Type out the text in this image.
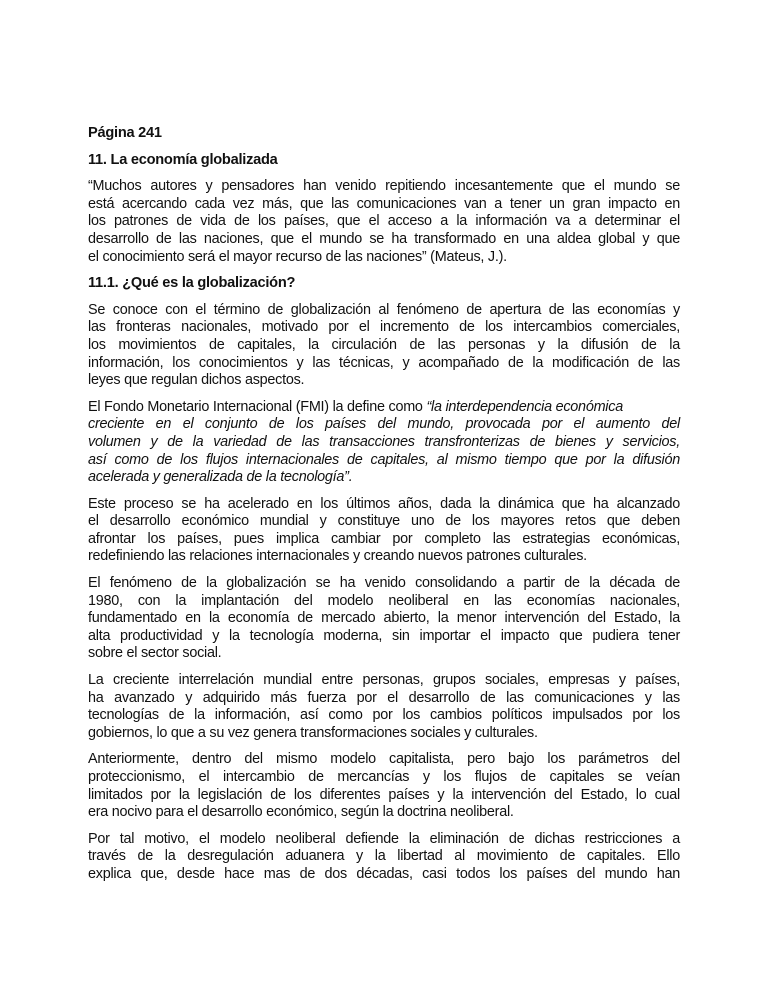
Página 241
11. La economía globalizada
“Muchos autores y pensadores han venido repitiendo incesantemente que el mundo se
está acercando cada vez más, que las comunicaciones van a tener un gran impacto en
los patrones de vida de los países, que el acceso a la información va a determinar el
desarrollo de las naciones, que el mundo se ha transformado en una aldea global y que
el conocimiento será el mayor recurso de las naciones” (Mateus, J.).
11.1. ¿Qué es la globalización?
Se conoce con el término de globalización al fenómeno de apertura de las economías y
las fronteras nacionales, motivado por el incremento de los intercambios comerciales,
los movimientos de capitales, la circulación de las personas y la difusión de la
información, los conocimientos y las técnicas, y acompañado de la modificación de las
leyes que regulan dichos aspectos.
El Fondo Monetario Internacional (FMI) la define como “la interdependencia económica
creciente en el conjunto de los países del mundo, provocada por el aumento del
volumen y de la variedad de las transacciones transfronterizas de bienes y servicios,
así como de los flujos internacionales de capitales, al mismo tiempo que por la difusión
acelerada y generalizada de la tecnología”.
Este proceso se ha acelerado en los últimos años, dada la dinámica que ha alcanzado
el desarrollo económico mundial y constituye uno de los mayores retos que deben
afrontar los países, pues implica cambiar por completo las estrategias económicas,
redefiniendo las relaciones internacionales y creando nuevos patrones culturales.
El fenómeno de la globalización se ha venido consolidando a partir de la década de
1980, con la implantación del modelo neoliberal en las economías nacionales,
fundamentado en la economía de mercado abierto, la menor intervención del Estado, la
alta productividad y la tecnología moderna, sin importar el impacto que pudiera tener
sobre el sector social.
La creciente interrelación mundial entre personas, grupos sociales, empresas y países,
ha avanzado y adquirido más fuerza por el desarrollo de las comunicaciones y las
tecnologías de la información, así como por los cambios políticos impulsados por los
gobiernos, lo que a su vez genera transformaciones sociales y culturales.
Anteriormente, dentro del mismo modelo capitalista, pero bajo los parámetros del
proteccionismo, el intercambio de mercancías y los flujos de capitales se veían
limitados por la legislación de los diferentes países y la intervención del Estado, lo cual
era nocivo para el desarrollo económico, según la doctrina neoliberal.
Por tal motivo, el modelo neoliberal defiende la eliminación de dichas restricciones a
través de la desregulación aduanera y la libertad al movimiento de capitales. Ello
explica que, desde hace mas de dos décadas, casi todos los países del mundo han
